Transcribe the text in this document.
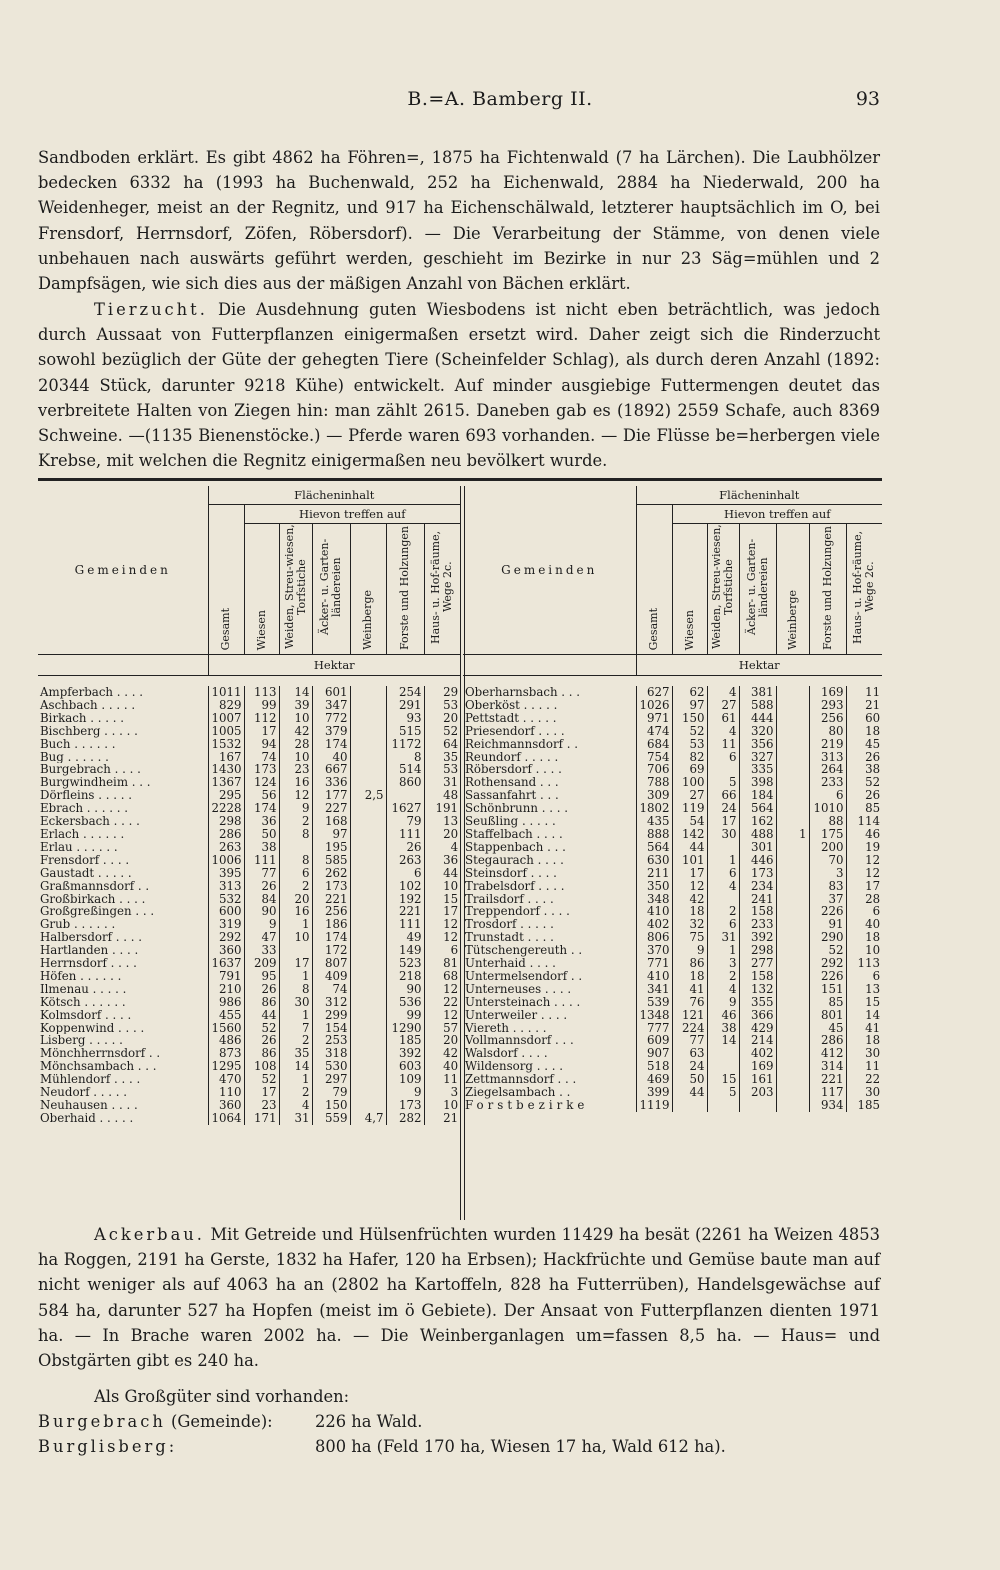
B.=A. Bamberg II.	93

Sandboden erklärt. Es gibt 4862 ha Föhren=, 1875 ha Fichtenwald (7 ha Lärchen). Die Laubhölzer bedecken 6332 ha (1993 ha Buchenwald, 252 ha Eichenwald, 2884 ha Niederwald, 200 ha Weidenheger, meist an der Regnitz, und 917 ha Eichenschälwald, letzterer hauptsächlich im O, bei Frensdorf, Herrnsdorf, Zöfen, Röbersdorf). — Die Verarbeitung der Stämme, von denen viele unbehauen nach auswärts geführt werden, geschieht im Bezirke in nur 23 Säg=mühlen und 2 Dampfsägen, wie sich dies aus der mäßigen Anzahl von Bächen erklärt.

Tierzucht. Die Ausdehnung guten Wiesbodens ist nicht eben beträchtlich, was jedoch durch Aussaat von Futterpflanzen einigermaßen ersetzt wird. Daher zeigt sich die Rinderzucht sowohl bezüglich der Güte der gehegten Tiere (Scheinfelder Schlag), als durch deren Anzahl (1892: 20344 Stück, darunter 9218 Kühe) entwickelt. Auf minder ausgiebige Futtermengen deutet das verbreitete Halten von Ziegen hin: man zählt 2615. Daneben gab es (1892) 2559 Schafe, auch 8369 Schweine. —(1135 Bienenstöcke.) — Pferde waren 693 vorhanden. — Die Flüsse be=herbergen viele Krebse, mit welchen die Regnitz einigermaßen neu bevölkert wurde.

Gemeinden	Flächeninhalt						
	Gesamt	Hievon treffen auf					
		Wiesen	Weiden, Streu-wiesen, Torfstiche	Äcker- u. Garten-ländereien	Weinberge	Forste und Holzungen	Haus- u. Hof-räume, Wege 2c.
	Hektar						

Ampferbach . . . .	1011	113	14	601		254	29
Aschbach . . . . .	829	99	39	347		291	53
Birkach . . . . .	1007	112	10	772		93	20
Bischberg . . . . .	1005	17	42	379		515	52
Buch . . . . . .	1532	94	28	174		1172	64
Bug . . . . . .	167	74	10	40		8	35
Burgebrach . . . .	1430	173	23	667		514	53
Burgwindheim . . .	1367	124	16	336		860	31
Dörfleins . . . . .	295	56	12	177	2,5		48
Ebrach . . . . . .	2228	174	9	227		1627	191
Eckersbach . . . .	298	36	2	168		79	13
Erlach . . . . . .	286	50	8	97		111	20
Erlau . . . . . .	263	38		195		26	4
Frensdorf . . . .	1006	111	8	585		263	36
Gaustadt . . . . .	395	77	6	262		6	44
Graßmannsdorf . .	313	26	2	173		102	10
Großbirkach . . . .	532	84	20	221		192	15
Großgreßingen . . .	600	90	16	256		221	17
Grub . . . . . .	319	9	1	186		111	12
Halbersdorf . . . .	292	47	10	174		49	12
Hartlanden . . . .	360	33		172		149	6
Herrnsdorf . . . .	1637	209	17	807		523	81
Höfen . . . . . .	791	95	1	409		218	68
Ilmenau . . . . .	210	26	8	74		90	12
Kötsch . . . . . .	986	86	30	312		536	22
Kolmsdorf . . . .	455	44	1	299		99	12
Koppenwind . . . .	1560	52	7	154		1290	57
Lisberg . . . . .	486	26	2	253		185	20
Mönchherrnsdorf . .	873	86	35	318		392	42
Mönchsambach . . .	1295	108	14	530		603	40
Mühlendorf . . . .	470	52	1	297		109	11
Neudorf . . . . .	110	17	2	79		9	3
Neuhausen . . . .	360	23	4	150		173	10
Oberhaid . . . . .	1064	171	31	559	4,7	282	21
Gemeinden	Flächeninhalt						
	Gesamt	Hievon treffen auf					
		Wiesen	Weiden, Streu-wiesen, Torfstiche	Äcker- u. Garten-ländereien	Weinberge	Forste und Holzungen	Haus- u. Hof-räume, Wege 2c.
	Hektar						

Oberharnsbach . . .	627	62	4	381		169	11
Oberköst . . . . .	1026	97	27	588		293	21
Pettstadt . . . . .	971	150	61	444		256	60
Priesendorf . . . .	474	52	4	320		80	18
Reichmannsdorf . .	684	53	11	356		219	45
Reundorf . . . . .	754	82	6	327		313	26
Röbersdorf . . . .	706	69		335		264	38
Rothensand . . .	788	100	5	398		233	52
Sassanfahrt . . .	309	27	66	184		6	26
Schönbrunn . . . .	1802	119	24	564		1010	85
Seußling . . . . .	435	54	17	162		88	114
Staffelbach . . . .	888	142	30	488	1	175	46
Stappenbach . . .	564	44		301		200	19
Stegaurach . . . .	630	101	1	446		70	12
Steinsdorf . . . .	211	17	6	173		3	12
Trabelsdorf . . . .	350	12	4	234		83	17
Trailsdorf . . . .	348	42		241		37	28
Treppendorf . . . .	410	18	2	158		226	6
Trosdorf . . . . .	402	32	6	233		91	40
Trunstadt . . . .	806	75	31	392		290	18
Tütschengereuth . .	370	9	1	298		52	10
Unterhaid . . . .	771	86	3	277		292	113
Untermelsendorf . .	410	18	2	158		226	6
Unterneuses . . . .	341	41	4	132		151	13
Untersteinach . . . .	539	76	9	355		85	15
Unterweiler . . . .	1348	121	46	366		801	14
Viereth . . . . .	777	224	38	429		45	41
Vollmannsdorf . . .	609	77	14	214		286	18
Walsdorf . . . .	907	63		402		412	30
Wildensorg . . . .	518	24		169		314	11
Zettmannsdorf . . .	469	50	15	161		221	22
Ziegelsambach . .	399	44	5	203		117	30
Forstbezirke	1119					934	185

Ackerbau. Mit Getreide und Hülsenfrüchten wurden 11429 ha besät (2261 ha Weizen 4853 ha Roggen, 2191 ha Gerste, 1832 ha Hafer, 120 ha Erbsen); Hackfrüchte und Gemüse baute man auf nicht weniger als auf 4063 ha an (2802 ha Kartoffeln, 828 ha Futterrüben), Handelsgewächse auf 584 ha, darunter 527 ha Hopfen (meist im ö Gebiete). Der Ansaat von Futterpflanzen dienten 1971 ha. — In Brache waren 2002 ha. — Die Weinberganlagen um=fassen 8,5 ha. — Haus= und Obstgärten gibt es 240 ha.

Als Großgüter sind vorhanden:

Burgebrach (Gemeinde):	226 ha Wald.
Burglisberg:	800 ha (Feld 170 ha, Wiesen 17 ha, Wald 612 ha).
